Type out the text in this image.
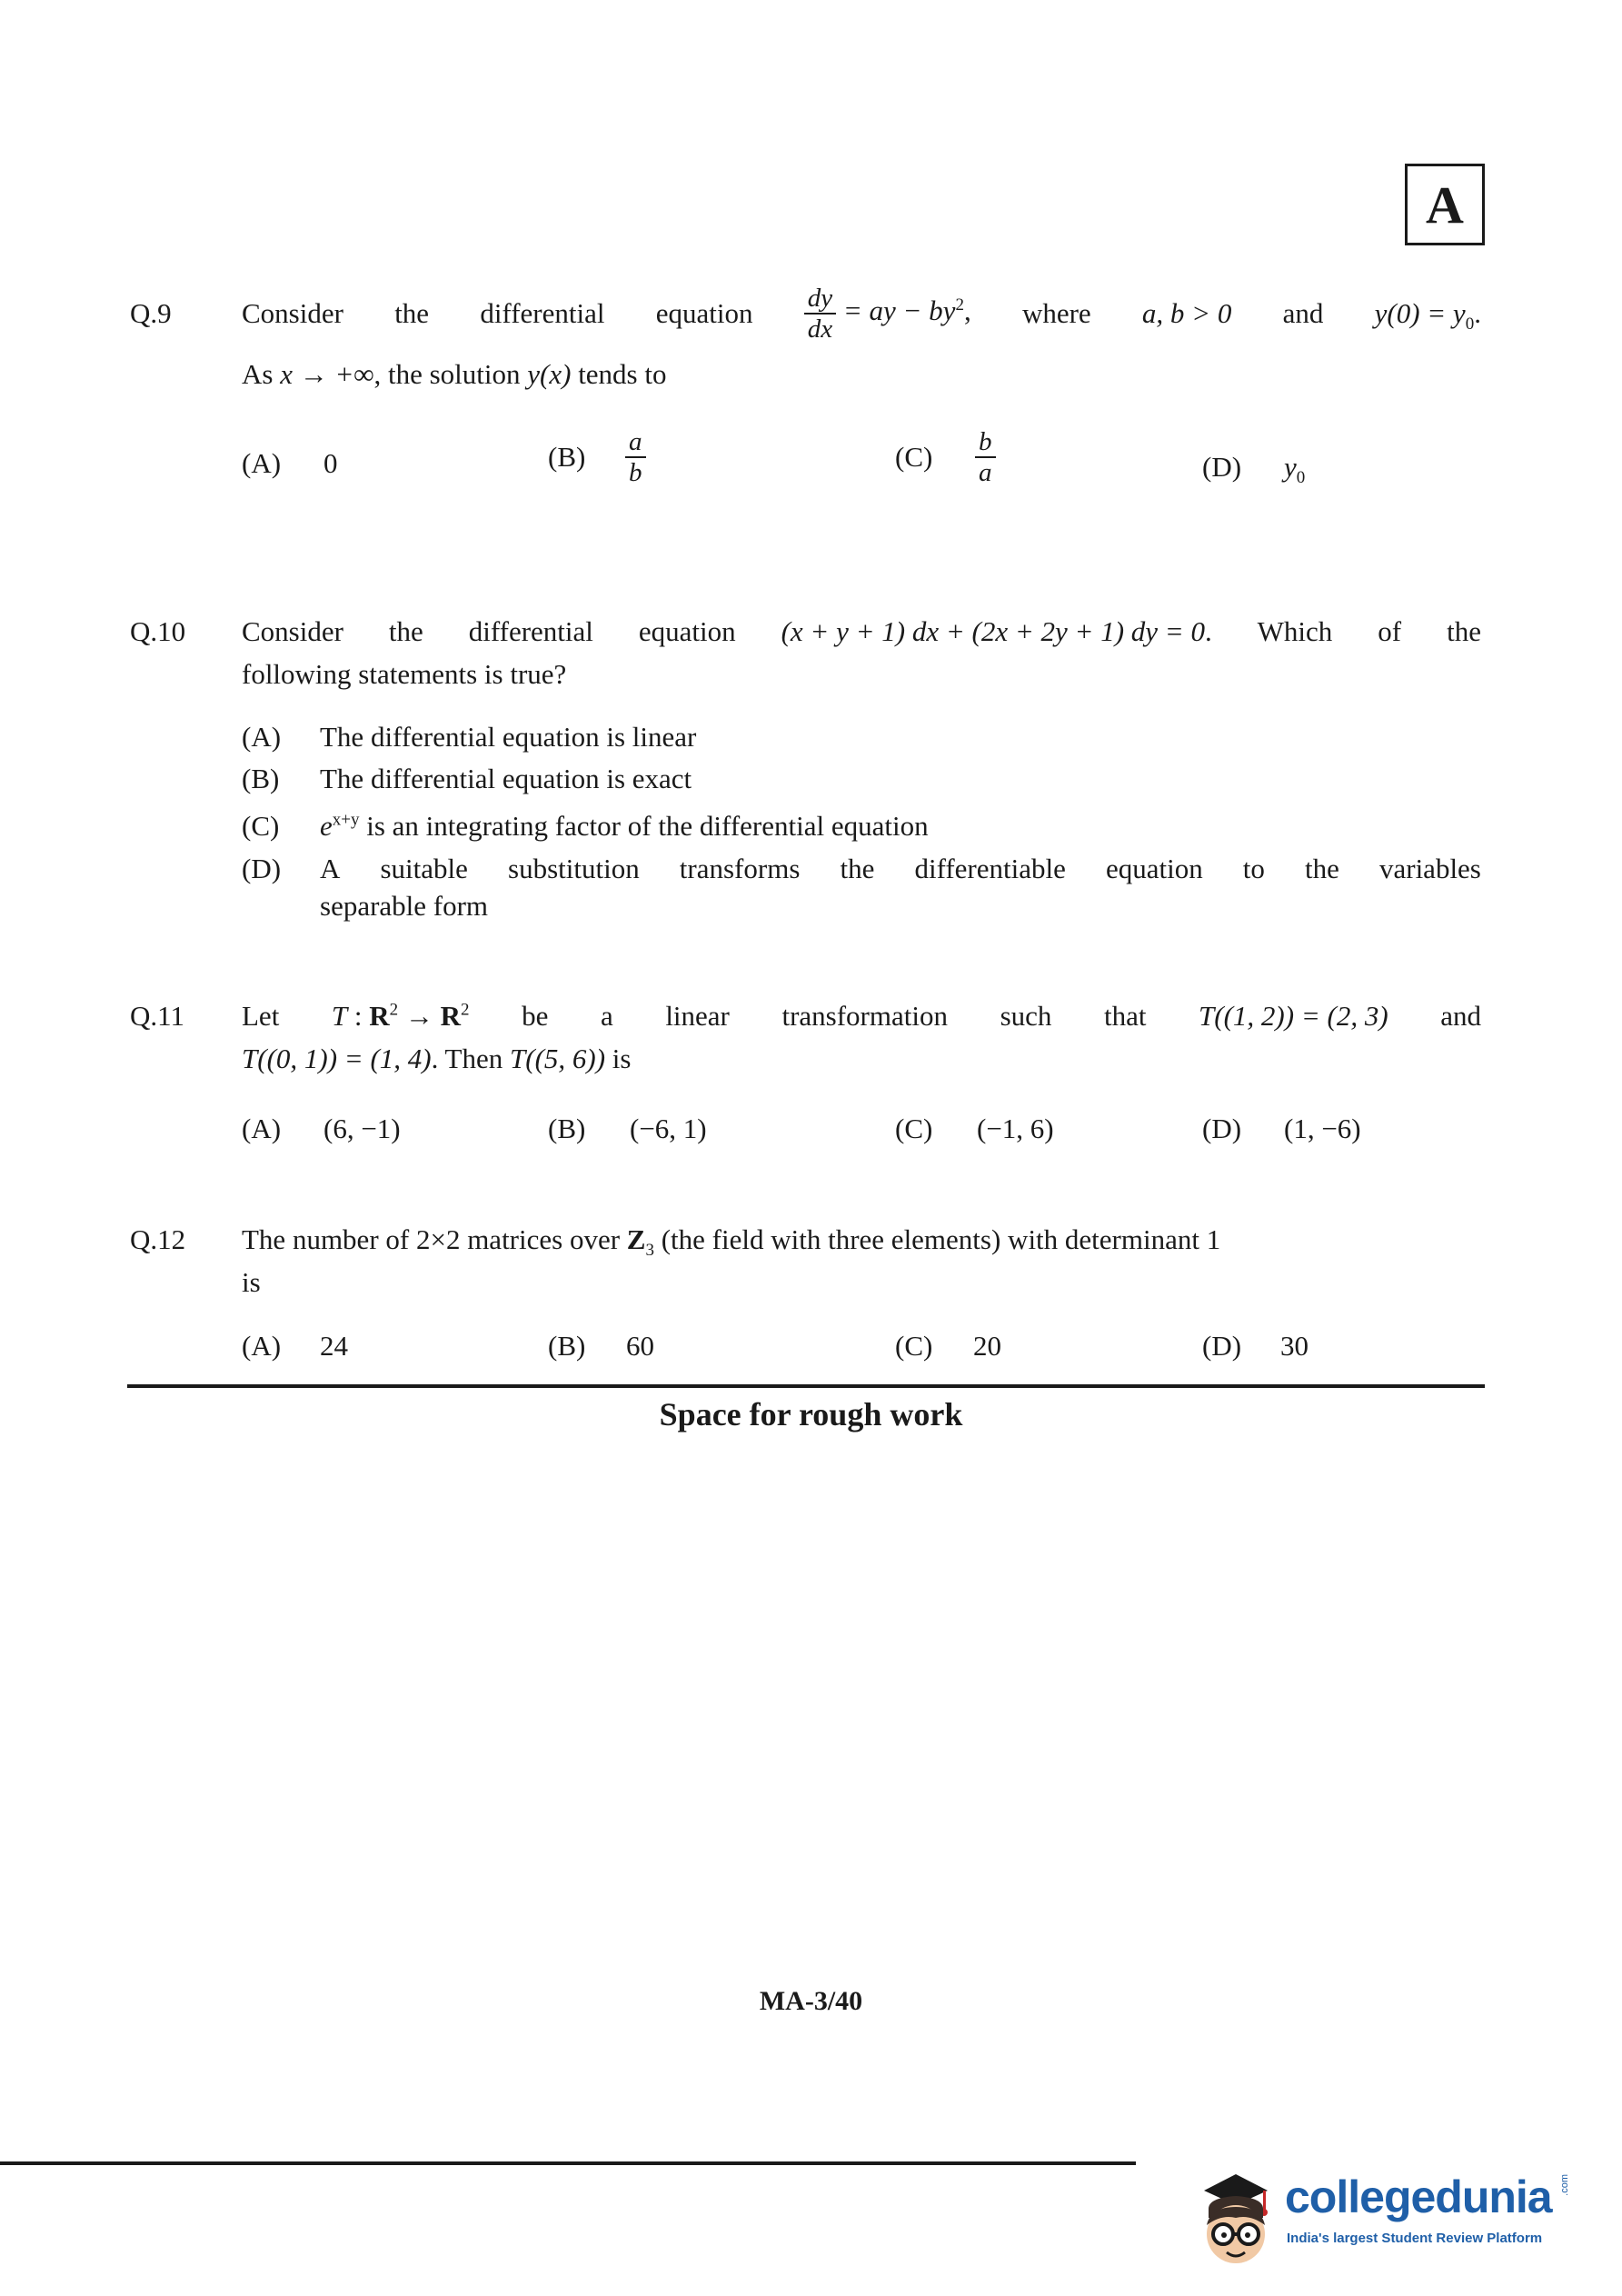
A
Q.9 Consider the differential equation $\frac{dy}{dx}$ = ay − $by^2$, where a, b > 0 and $y(0) = y_0$.
As x → +∞, the solution y(x) tends to
(A) 0	(B)	$\frac{a}{b}$	(C)	$\frac{b}{a}$	(D) $y_0$
Q.10 Consider the differential equation (x + y + 1) dx + (2x + 2y + 1) dy = 0. Which of the
following statements is true?
(A) The differential equation is linear
(B) The differential equation is exact
(C) $e^{x+y}$ is an integrating factor of the differential equation
(D) A suitable substitution transforms the differentiable equation to the variables
separable form
Q.11 Let T : $R^2 \to R^2$ be a linear transformation such that T((1, 2)) = (2, 3) and
T((0, 1)) = (1, 4). Then T((5, 6)) is
(A) (6, −1)	(B) (−6, 1)	(C) (−1, 6)	(D) (1, −6)
Q.12 The number of 2×2 matrices over $Z_3$ (the field with three elements) with determinant 1
is
(A) 24	(B) 60	(C) 20	(D) 30
Space for rough work
MA-3/40
collegedunia .com
India's largest Student Review Platform
